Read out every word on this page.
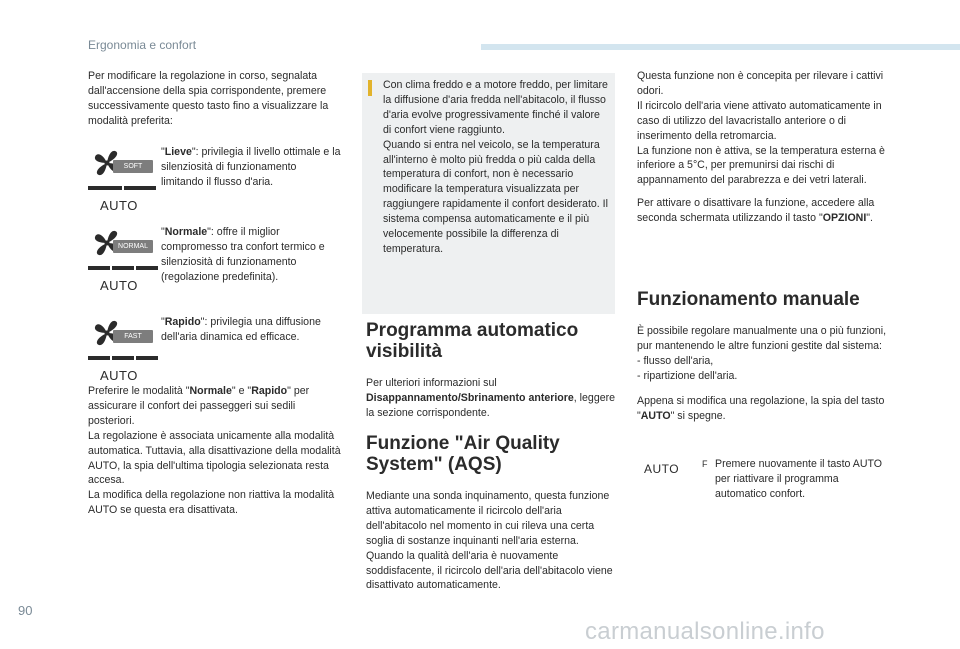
Ergonomia e confort

Per modificare la regolazione in corso, segnalata dall'accensione della spia corrispondente, premere successivamente questo tasto fino a visualizzare la modalità preferita:

SOFT
AUTO
"Lieve": privilegia il livello ottimale e la silenziosità di funzionamento limitando il flusso d'aria.
NORMAL
AUTO
"Normale": offre il miglior compromesso tra confort termico e silenziosità di funzionamento (regolazione predefinita).
FAST
AUTO
"Rapido": privilegia una diffusione dell'aria dinamica ed efficace.

Preferire le modalità "Normale" e "Rapido" per assicurare il confort dei passeggeri sui sedili posteriori.

La regolazione è associata unicamente alla modalità automatica. Tuttavia, alla disattivazione della modalità AUTO, la spia dell'ultima tipologia selezionata resta accesa.

La modifica della regolazione non riattiva la modalità AUTO se questa era disattivata.

Con clima freddo e a motore freddo, per limitare la diffusione d'aria fredda nell'abitacolo, il flusso d'aria evolve progressivamente finché il valore di confort viene raggiunto.

Quando si entra nel veicolo, se la temperatura all'interno è molto più fredda o più calda della temperatura di confort, non è necessario modificare la temperatura visualizzata per raggiungere rapidamente il confort desiderato. Il sistema compensa automaticamente e il più velocemente possibile la differenza di temperatura.

Programma automatico visibilità

Per ulteriori informazioni sul Disappannamento/Sbrinamento anteriore, leggere la sezione corrispondente.

Funzione "Air Quality System" (AQS)

Mediante una sonda inquinamento, questa funzione attiva automaticamente il ricircolo dell'aria dell'abitacolo nel momento in cui rileva una certa soglia di sostanze inquinanti nell'aria esterna.

Quando la qualità dell'aria è nuovamente soddisfacente, il ricircolo dell'aria dell'abitacolo viene disattivato automaticamente.

Questa funzione non è concepita per rilevare i cattivi odori.

Il ricircolo dell'aria viene attivato automaticamente in caso di utilizzo del lavacristallo anteriore o di inserimento della retromarcia.

La funzione non è attiva, se la temperatura esterna è inferiore a 5°C, per premunirsi dai rischi di appannamento del parabrezza e dei vetri laterali.

Per attivare o disattivare la funzione, accedere alla seconda schermata utilizzando il tasto "OPZIONI".

Funzionamento manuale

È possibile regolare manualmente una o più funzioni, pur mantenendo le altre funzioni gestite dal sistema:

- flusso dell'aria,

- ripartizione dell'aria.

Appena si modifica una regolazione, la spia del tasto "AUTO" si spegne.

AUTO	F Premere nuovamente il tasto AUTO per riattivare il programma automatico confort.
90
carmanualsonline.info
